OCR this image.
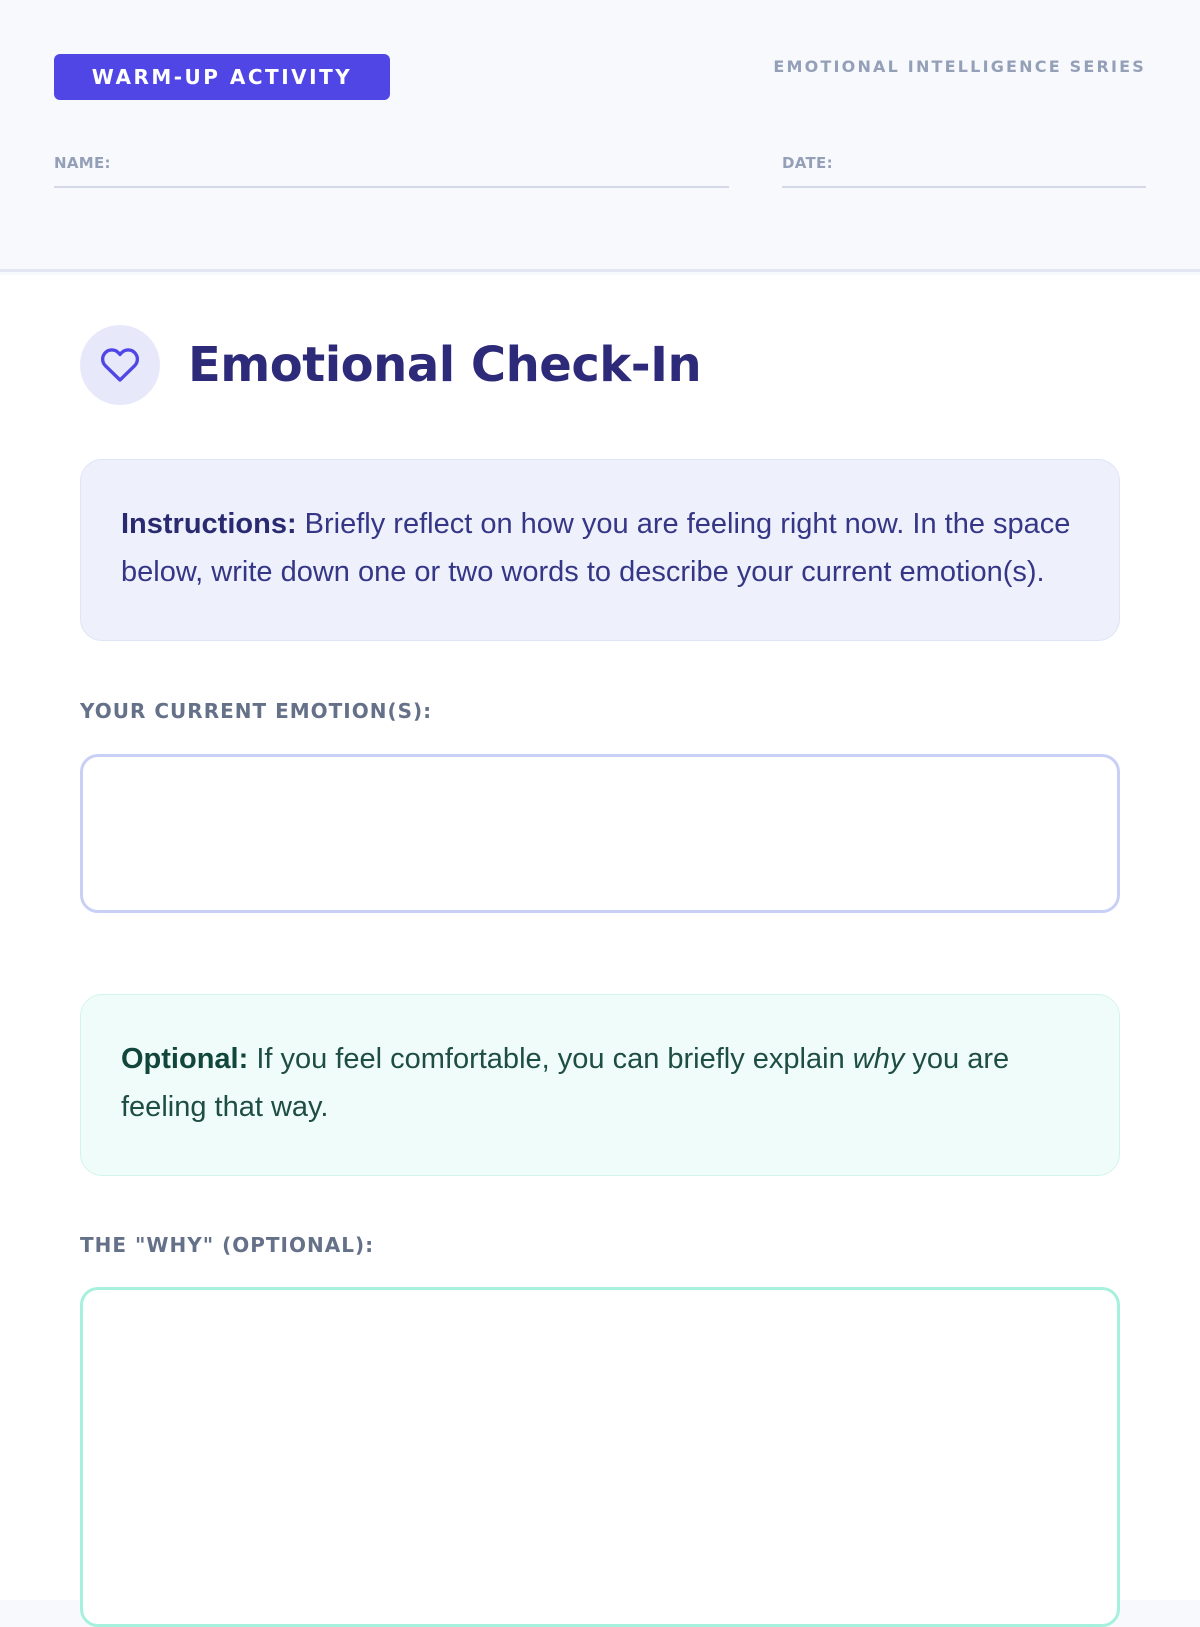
WARM-UP ACTIVITY	EMOTIONAL INTELLIGENCE SERIES
NAME:	DATE:
Emotional Check-In
Instructions: Briefly reflect on how you are feeling right now. In the space below, write down one or two words to describe your current emotion(s).

YOUR CURRENT EMOTION(S):

Optional: If you feel comfortable, you can briefly explain why you are feeling that way.

THE "WHY" (OPTIONAL):
